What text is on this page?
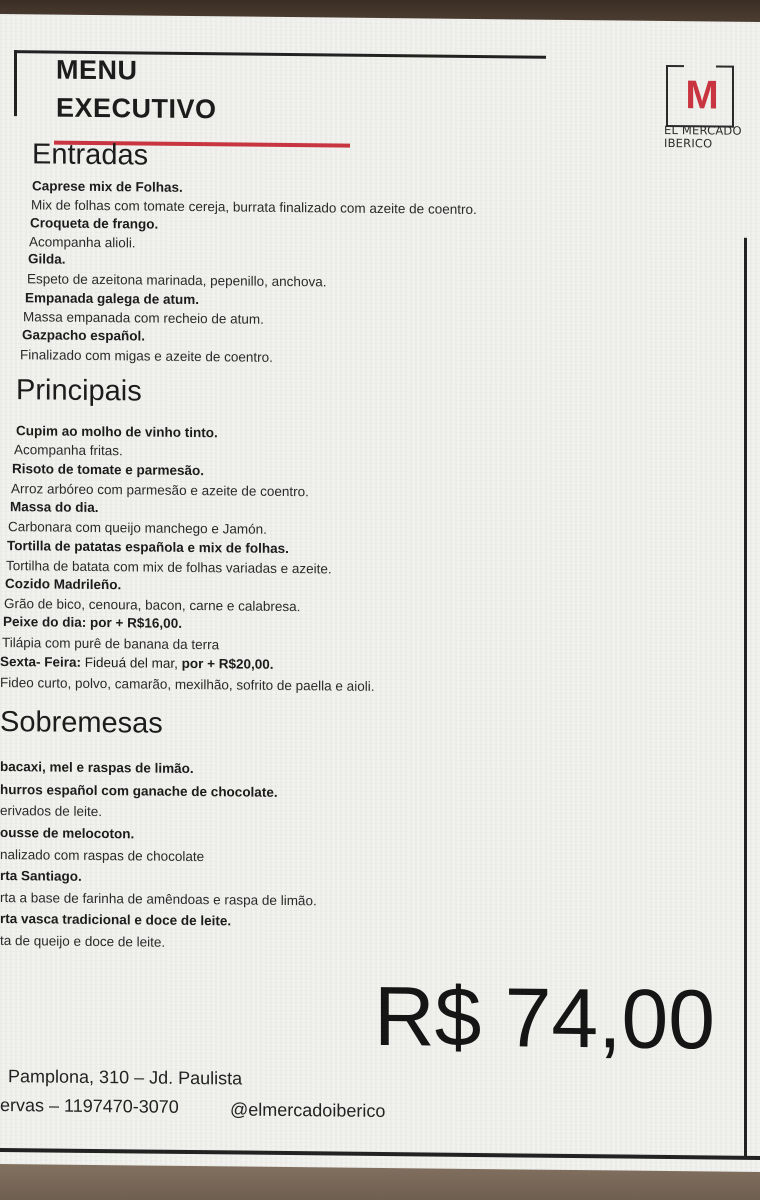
MENU
EXECUTIVO	M
EL MERCADO
IBERICO
Entradas
Caprese mix de Folhas.
Mix de folhas com tomate cereja, burrata finalizado com azeite de coentro.
Croqueta de frango.
Acompanha alioli.
Gilda.
Espeto de azeitona marinada, pepenillo, anchova.
Empanada galega de atum.
Massa empanada com recheio de atum.
Gazpacho español.
Finalizado com migas e azeite de coentro.
Principais
Cupim ao molho de vinho tinto.
Acompanha fritas.
Risoto de tomate e parmesão.
Arroz arbóreo com parmesão e azeite de coentro.
Massa do dia.
Carbonara com queijo manchego e Jamón.
Tortilla de patatas española e mix de folhas.
Tortilha de batata com mix de folhas variadas e azeite.
Cozido Madrileño.
Grão de bico, cenoura, bacon, carne e calabresa.
Peixe do dia: por + R$16,00.
Tilápia com purê de banana da terra
Sexta- Feira: Fideuá del mar, por + R$20,00.
Fideo curto, polvo, camarão, mexilhão, sofrito de paella e aioli.
Sobremesas
bacaxi, mel e raspas de limão.
hurros español com ganache de chocolate.
erivados de leite.
ousse de melocoton.
nalizado com raspas de chocolate
rta Santiago.
rta a base de farinha de amêndoas e raspa de limão.
rta vasca tradicional e doce de leite.
ta de queijo e doce de leite.
R$ 74,00
Pamplona, 310 – Jd. Paulista
ervas – 1197470-3070	@elmercadoiberico
